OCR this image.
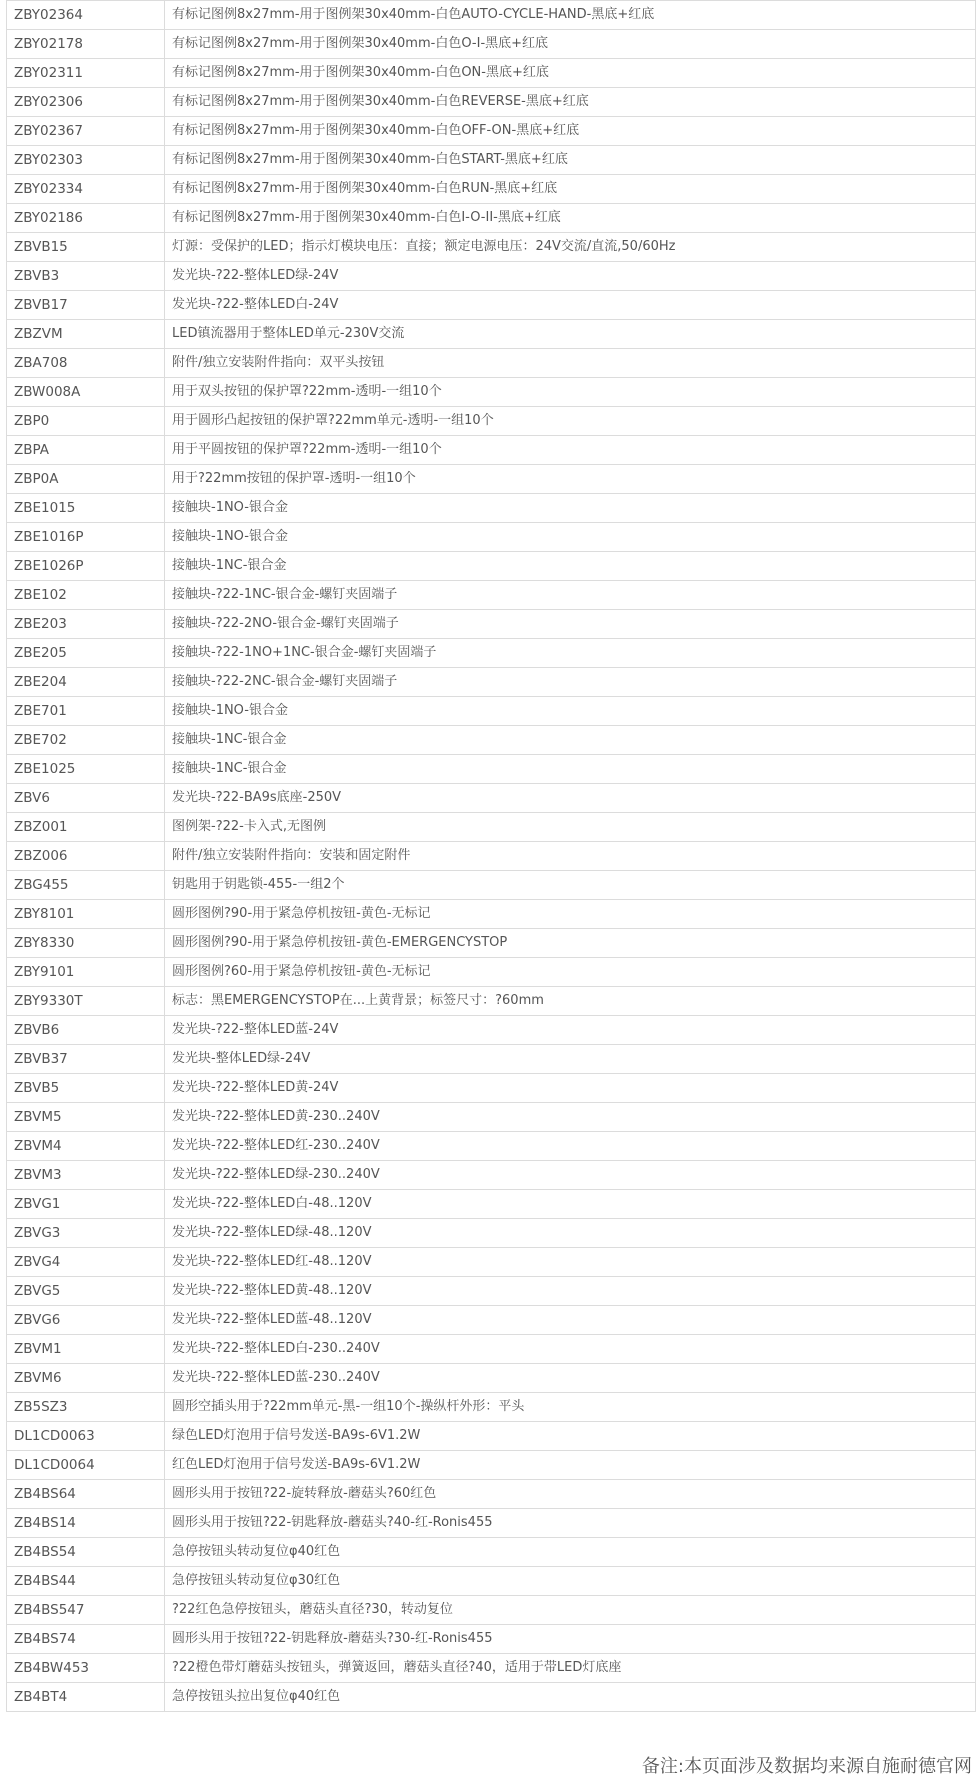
ZBY02364	有标记图例8x27mm-用于图例架30x40mm-白色AUTO-CYCLE-HAND-黑底+红底
ZBY02178	有标记图例8x27mm-用于图例架30x40mm-白色O-I-黑底+红底
ZBY02311	有标记图例8x27mm-用于图例架30x40mm-白色ON-黑底+红底
ZBY02306	有标记图例8x27mm-用于图例架30x40mm-白色REVERSE-黑底+红底
ZBY02367	有标记图例8x27mm-用于图例架30x40mm-白色OFF-ON-黑底+红底
ZBY02303	有标记图例8x27mm-用于图例架30x40mm-白色START-黑底+红底
ZBY02334	有标记图例8x27mm-用于图例架30x40mm-白色RUN-黑底+红底
ZBY02186	有标记图例8x27mm-用于图例架30x40mm-白色I-O-II-黑底+红底
ZBVB15	灯源：受保护的LED；指示灯模块电压：直接；额定电源电压：24V交流/直流,50/60Hz
ZBVB3	发光块-?22-整体LED绿-24V
ZBVB17	发光块-?22-整体LED白-24V
ZBZVM	LED镇流器用于整体LED单元-230V交流
ZBA708	附件/独立安装附件指向：双平头按钮
ZBW008A	用于双头按钮的保护罩?22mm-透明-一组10个
ZBP0	用于圆形凸起按钮的保护罩?22mm单元-透明-一组10个
ZBPA	用于平圆按钮的保护罩?22mm-透明-一组10个
ZBP0A	用于?22mm按钮的保护罩-透明-一组10个
ZBE1015	接触块-1NO-银合金
ZBE1016P	接触块-1NO-银合金
ZBE1026P	接触块-1NC-银合金
ZBE102	接触块-?22-1NC-银合金-螺钉夹固端子
ZBE203	接触块-?22-2NO-银合金-螺钉夹固端子
ZBE205	接触块-?22-1NO+1NC-银合金-螺钉夹固端子
ZBE204	接触块-?22-2NC-银合金-螺钉夹固端子
ZBE701	接触块-1NO-银合金
ZBE702	接触块-1NC-银合金
ZBE1025	接触块-1NC-银合金
ZBV6	发光块-?22-BA9s底座-250V
ZBZ001	图例架-?22-卡入式,无图例
ZBZ006	附件/独立安装附件指向：安装和固定附件
ZBG455	钥匙用于钥匙锁-455-一组2个
ZBY8101	圆形图例?90-用于紧急停机按钮-黄色-无标记
ZBY8330	圆形图例?90-用于紧急停机按钮-黄色-EMERGENCYSTOP
ZBY9101	圆形图例?60-用于紧急停机按钮-黄色-无标记
ZBY9330T	标志：黑EMERGENCYSTOP在...上黄背景；标签尺寸：?60mm
ZBVB6	发光块-?22-整体LED蓝-24V
ZBVB37	发光块-整体LED绿-24V
ZBVB5	发光块-?22-整体LED黄-24V
ZBVM5	发光块-?22-整体LED黄-230..240V
ZBVM4	发光块-?22-整体LED红-230..240V
ZBVM3	发光块-?22-整体LED绿-230..240V
ZBVG1	发光块-?22-整体LED白-48..120V
ZBVG3	发光块-?22-整体LED绿-48..120V
ZBVG4	发光块-?22-整体LED红-48..120V
ZBVG5	发光块-?22-整体LED黄-48..120V
ZBVG6	发光块-?22-整体LED蓝-48..120V
ZBVM1	发光块-?22-整体LED白-230..240V
ZBVM6	发光块-?22-整体LED蓝-230..240V
ZB5SZ3	圆形空插头用于?22mm单元-黑-一组10个-操纵杆外形：平头
DL1CD0063	绿色LED灯泡用于信号发送-BA9s-6V1.2W
DL1CD0064	红色LED灯泡用于信号发送-BA9s-6V1.2W
ZB4BS64	圆形头用于按钮?22-旋转释放-蘑菇头?60红色
ZB4BS14	圆形头用于按钮?22-钥匙释放-蘑菇头?40-红-Ronis455
ZB4BS54	急停按钮头转动复位φ40红色
ZB4BS44	急停按钮头转动复位φ30红色
ZB4BS547	?22红色急停按钮头，蘑菇头直径?30，转动复位
ZB4BS74	圆形头用于按钮?22-钥匙释放-蘑菇头?30-红-Ronis455
ZB4BW453	?22橙色带灯蘑菇头按钮头，弹簧返回，蘑菇头直径?40，适用于带LED灯底座
ZB4BT4	急停按钮头拉出复位φ40红色
备注:本页面涉及数据均来源自施耐德官网
